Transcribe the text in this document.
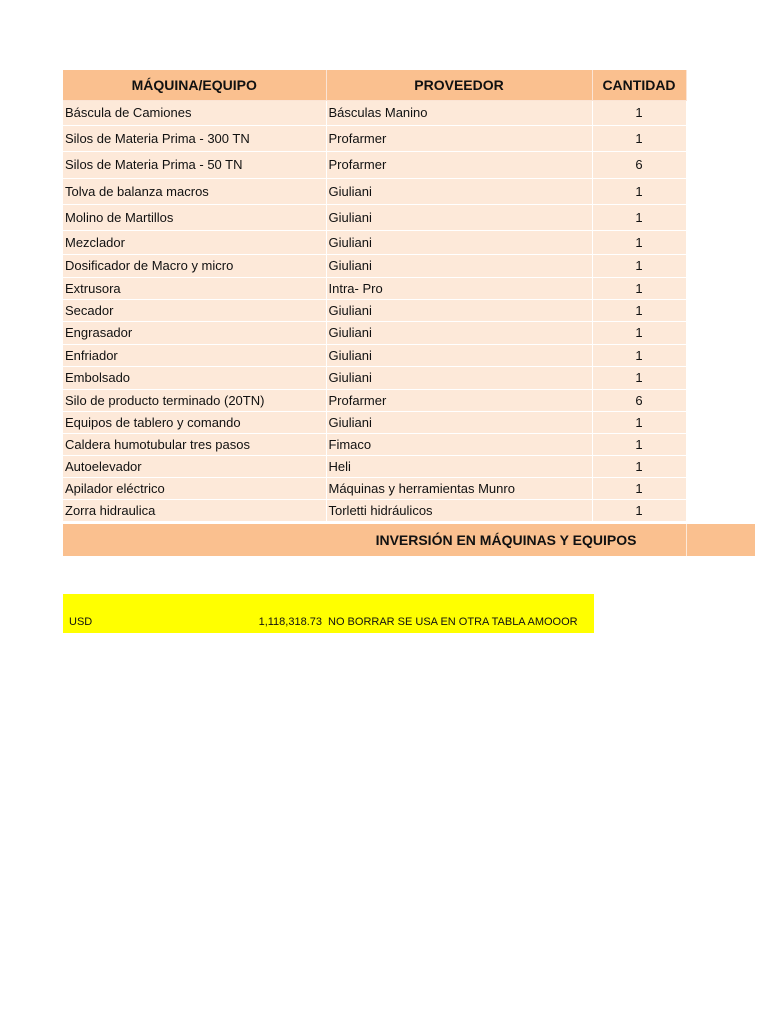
MÁQUINA/EQUIPO	PROVEEDOR	CANTIDAD
Báscula de Camiones	Básculas Manino	1
Silos de Materia Prima - 300 TN	Profarmer	1
Silos de Materia Prima - 50 TN	Profarmer	6
Tolva de balanza macros	Giuliani	1
Molino de Martillos	Giuliani	1
Mezclador	Giuliani	1
Dosificador de Macro y micro	Giuliani	1
Extrusora	Intra- Pro	1
Secador	Giuliani	1
Engrasador	Giuliani	1
Enfriador	Giuliani	1
Embolsado	Giuliani	1
Silo de producto terminado (20TN)	Profarmer	6
Equipos de tablero y comando	Giuliani	1
Caldera humotubular tres pasos	Fimaco	1
Autoelevador	Heli	1
Apilador eléctrico	Máquinas y herramientas Munro	1
Zorra hidraulica	Torletti hidráulicos	1
INVERSIÓN EN MÁQUINAS Y EQUIPOS
USD	1,118,318.73 NO BORRAR SE USA EN OTRA TABLA AMOOOR
